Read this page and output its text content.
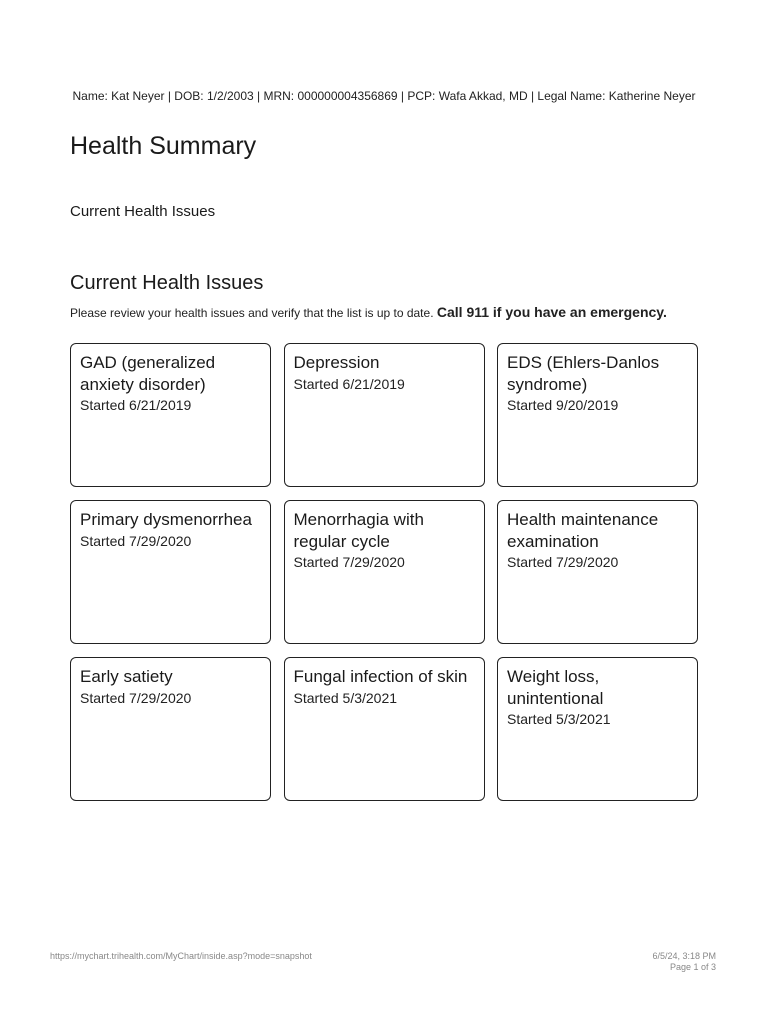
Name: Kat Neyer | DOB: 1/2/2003 | MRN: 000000004356869 | PCP: Wafa Akkad, MD | Legal Name: Katherine Neyer
Health Summary
Current Health Issues
Current Health Issues
Please review your health issues and verify that the list is up to date. Call 911 if you have an emergency.
GAD (generalized anxiety disorder)
Started 6/21/2019
Depression
Started 6/21/2019
EDS (Ehlers-Danlos syndrome)
Started 9/20/2019
Primary dysmenorrhea
Started 7/29/2020
Menorrhagia with regular cycle
Started 7/29/2020
Health maintenance examination
Started 7/29/2020
Early satiety
Started 7/29/2020
Fungal infection of skin
Started 5/3/2021
Weight loss, unintentional
Started 5/3/2021
https://mychart.trihealth.com/MyChart/inside.asp?mode=snapshot	6/5/24, 3:18 PM
Page 1 of 3
